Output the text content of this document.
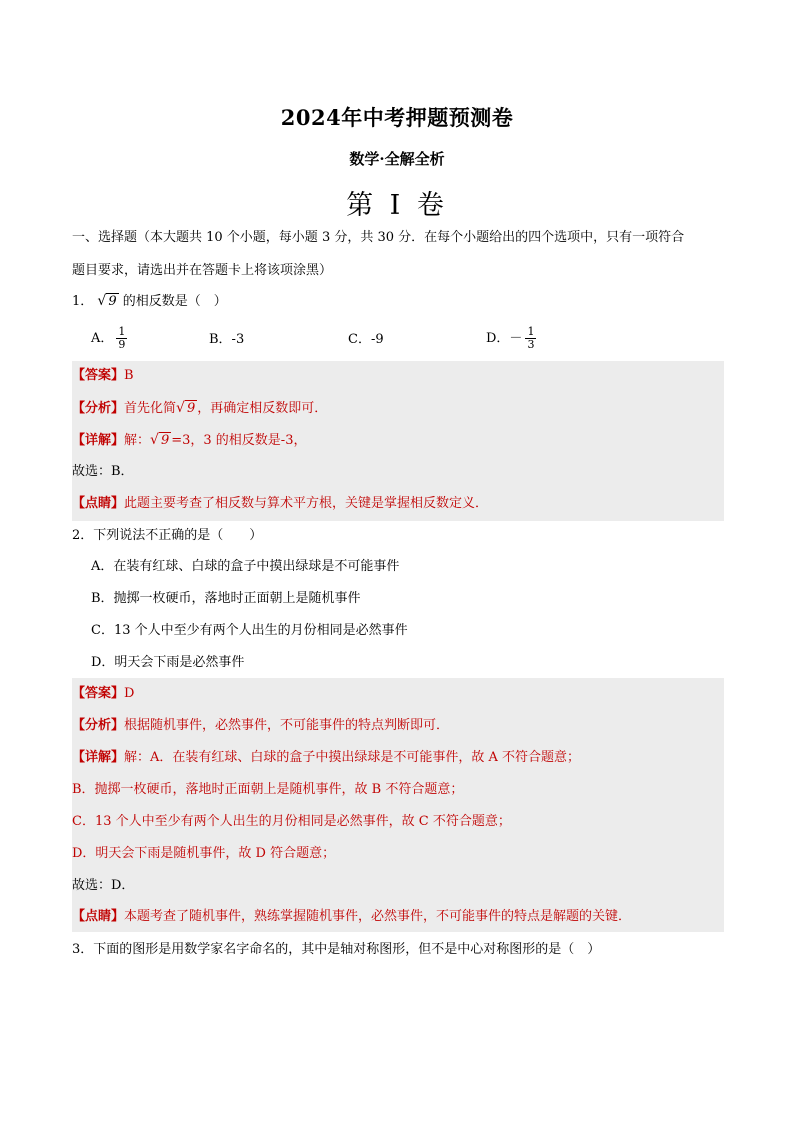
2024年中考押题预测卷
数学·全解全析
第 I 卷
一、选择题（本大题共 10 个小题，每小题 3 分，共 30 分．在每个小题给出的四个选项中，只有一项符合
题目要求，请选出并在答题卡上将该项涂黑）
1． √ 9 的相反数是（　）
A． $\frac{1}{9}$	B．-3	C．-9	D．－ $\frac{1}{3}$
【答案】B
【分析】首先化简√ 9 ，再确定相反数即可．
【详解】解：√ 9 =3，3 的相反数是-3，
故选：B．
【点睛】此题主要考查了相反数与算术平方根，关键是掌握相反数定义．
2．下列说法不正确的是（　　）
A．在装有红球、白球的盒子中摸出绿球是不可能事件
B．抛掷一枚硬币，落地时正面朝上是随机事件
C．13 个人中至少有两个人出生的月份相同是必然事件
D．明天会下雨是必然事件
【答案】D
【分析】根据随机事件，必然事件，不可能事件的特点判断即可．
【详解】解：A．在装有红球、白球的盒子中摸出绿球是不可能事件，故 A 不符合题意；
B．抛掷一枚硬币，落地时正面朝上是随机事件，故 B 不符合题意；
C．13 个人中至少有两个人出生的月份相同是必然事件，故 C 不符合题意；
D．明天会下雨是随机事件，故 D 符合题意；
故选：D．
【点睛】本题考查了随机事件，熟练掌握随机事件，必然事件，不可能事件的特点是解题的关键．
3．下面的图形是用数学家名字命名的，其中是轴对称图形，但不是中心对称图形的是（　）
